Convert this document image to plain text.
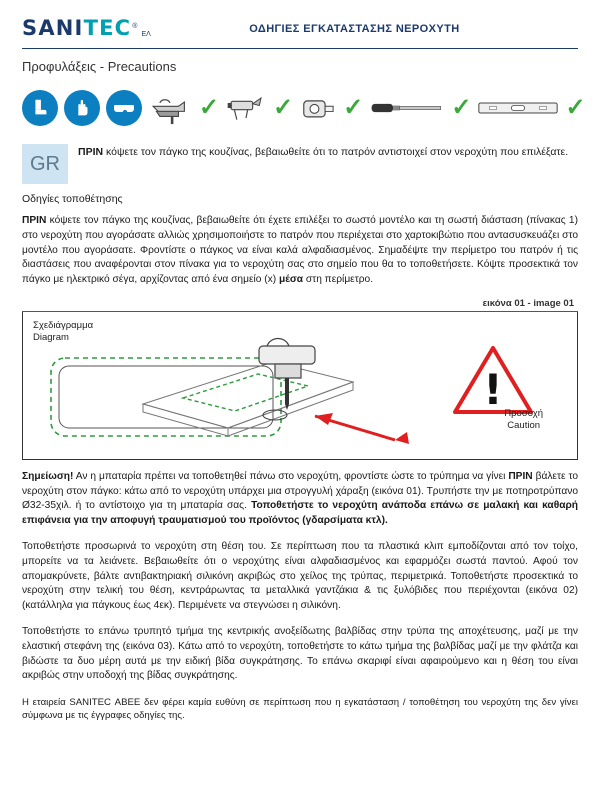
SANITEC ®
ΕΛ	ΟΔΗΓΙΕΣ ΕΓΚΑΤΑΣΤΑΣΗΣ ΝΕΡΟΧΥΤΗ
Προφυλάξεις - Precautions
✓ ✓ ✓	✓	✓
GR
ΠΡΙΝ κόψετε τον πάγκο της κουζίνας, βεβαιωθείτε ότι το πατρόν αντιστοιχεί στον νεροχύτη που επιλέξατε.
Οδηγίες τοποθέτησης
ΠΡΙΝ κόψετε τον πάγκο της κουζίνας, βεβαιωθείτε ότι έχετε επιλέξει το σωστό μοντέλο και τη σωστή διάσταση (πίνακας 1) στο νεροχύτη που αγοράσατε αλλιώς χρησιμοποιήστε το πατρόν που περιέχεται στο χαρτοκιβώτιο που αντασυσκευάζει στο μοντέλο που αγοράσατε. Φροντίστε ο πάγκος να είναι καλά αλφαδιασμένος. Σημαδέψτε την περίμετρο του πατρόν ή τις διαστάσεις που αναφέρονται στον πίνακα για το νεροχύτη σας στο σημείο που θα το τοποθετήσετε. Κόψτε προσεκτικά τον πάγκο με ηλεκτρικό σέγα, αρχίζοντας από ένα σημείο (x) μέσα στη περίμετρο.
εικόνα 01 - image 01
Σχεδιάγραμμα
Diagram
! Προσοχή
Caution
Σημείωση! Αν η μπαταρία πρέπει να τοποθετηθεί πάνω στο νεροχύτη, φροντίστε ώστε το τρύπημα να γίνει ΠΡΙΝ βάλετε το νεροχύτη στον πάγκο: κάτω από το νεροχύτη υπάρχει μια στρογγυλή χάραξη (εικόνα 01). Τρυπήστε την με ποτηροτρύπανο Ø32-35χιλ. ή το αντίστοιχο για τη μπαταρία σας. Τοποθετήστε το νεροχύτη ανάποδα επάνω σε μαλακή και καθαρή επιφάνεια για την αποφυγή τραυματισμού του προϊόντος (γδαρσίματα κτλ).
Τοποθετήστε προσωρινά το νεροχύτη στη θέση του. Σε περίπτωση που τα πλαστικά κλιπ εμποδίζονται από τον τοίχο, μπορείτε να τα λειάνετε. Βεβαιωθείτε ότι ο νεροχύτης είναι αλφαδιασμένος και εφαρμόζει σωστά παντού. Αφού τον απομακρύνετε, βάλτε αντιβακτηριακή σιλικόνη ακριβώς στο χείλος της τρύπας, περιμετρικά. Τοποθετήστε προσεκτικά το νεροχύτη στην τελική του θέση, κεντράρωντας τα μεταλλικά γαντζάκια & τις ξυλόβιδες που περιέχονται (εικόνα 02) (κατάλληλα για πάγκους έως 4εκ). Περιμένετε να στεγνώσει η σιλικόνη.
Τοποθετήστε το επάνω τρυπητό τμήμα της κεντρικής ανοξείδωτης βαλβίδας στην τρύπα της αποχέτευσης, μαζί με την ελαστική στεφάνη της (εικόνα 03). Κάτω από το νεροχύτη, τοποθετήστε το κάτω τμήμα της βαλβίδας μαζί με την φλάτζα και βιδώστε τα δυο μέρη αυτά με την ειδική βίδα συγκράτησης. Το επάνω σκαριφί είναι αφαιρούμενο και η θέση του είναι ακριβώς στην υποδοχή της βίδας συγκράτησης.
Η εταιρεία SANITEC ΑΒΕΕ δεν φέρει καμία ευθύνη σε περίπτωση που η εγκατάσταση / τοποθέτηση του νεροχύτη της δεν γίνει σύμφωνα με τις έγγραφες οδηγίες της.
